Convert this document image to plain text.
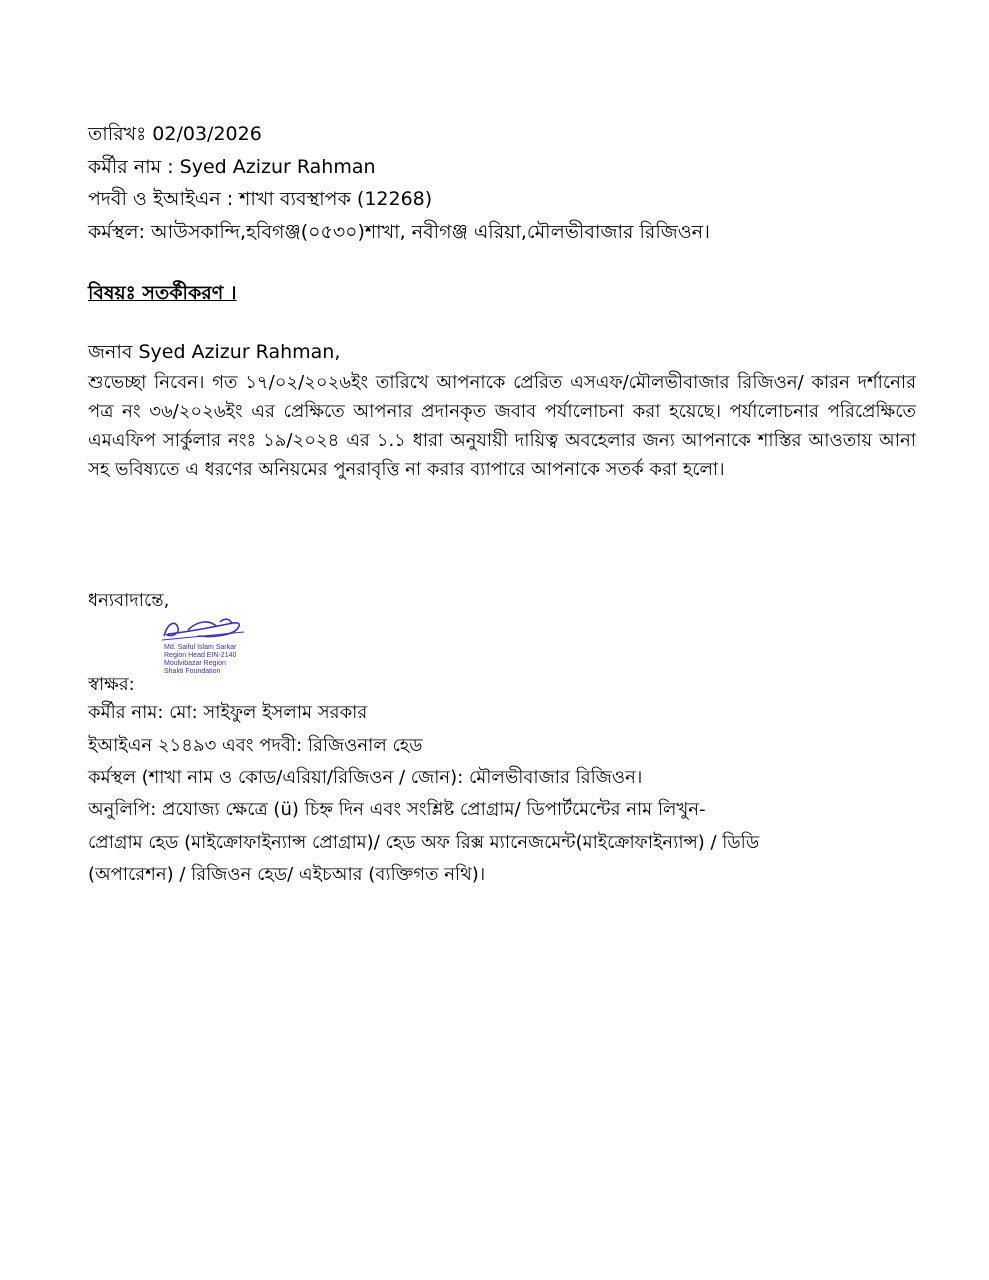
তারিখঃ 02/03/2026
কর্মীর নাম : Syed Azizur Rahman
পদবী ও ইআইএন : শাখা ব্যবস্থাপক (12268)
কর্মস্থল: আউসকান্দি,হবিগঞ্জ(০৫৩০)শাখা, নবীগঞ্জ এরিয়া,মৌলভীবাজার রিজিওন।
বিষয়ঃ সতর্কীকরণ ।
জনাব Syed Azizur Rahman,
শুভেচ্ছা নিবেন। গত ১৭/০২/২০২৬ইং তারিখে আপনাকে প্রেরিত এসএফ/মৌলভীবাজার রিজিওন/ কারন দর্শানোর পত্র নং ৩৬/২০২৬ইং এর প্রেক্ষিতে আপনার প্রদানকৃত জবাব পর্যালোচনা করা হয়েছে। পর্যালোচনার পরিপ্রেক্ষিতে এমএফিপ সার্কুলার নংঃ ১৯/২০২৪ এর ১.১ ধারা অনুযায়ী দায়িত্ব অবহেলার জন্য আপনাকে শাস্তির আওতায় আনা সহ ভবিষ্যতে এ ধরণের অনিয়মের পুনরাবৃত্তি না করার ব্যাপারে আপনাকে সতর্ক করা হলো।
ধন্যবাদান্তে,
Md. Saiful Islam Sarkar
Region Head EIN-2140
Moulvibazar Region
Shakti Foundation
স্বাক্ষর:
কর্মীর নাম: মো: সাইফুল ইসলাম সরকার
ইআইএন ২১৪৯৩ এবং পদবী: রিজিওনাল হেড
কর্মস্থল (শাখা নাম ও কোড/এরিয়া/রিজিওন / জোন): মৌলভীবাজার রিজিওন।
অনুলিপি: প্রযোজ্য ক্ষেত্রে (ü) চিহ্ন দিন এবং সংশ্লিষ্ট প্রোগ্রাম/ ডিপার্টমেন্টের নাম লিখুন-
প্রোগ্রাম হেড (মাইক্রোফাইন্যান্স প্রোগ্রাম)/ হেড অফ রিক্স ম্যানেজমেন্ট(মাইক্রোফাইন্যান্স) / ডিডি
(অপারেশন) / রিজিওন হেড/ এইচআর (ব্যক্তিগত নথি)।
